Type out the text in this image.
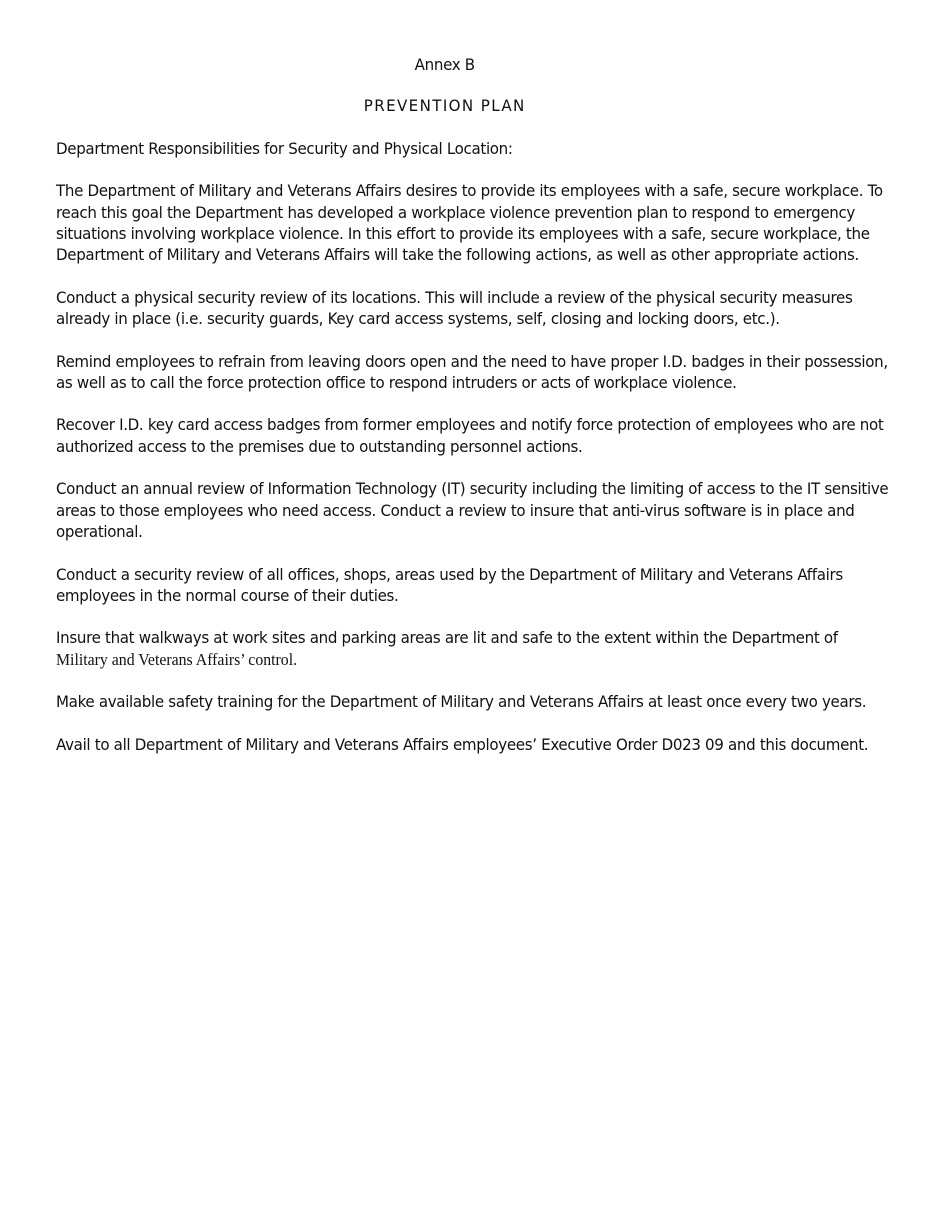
Annex B

PREVENTION PLAN

Department Responsibilities for Security and Physical Location:

The Department of Military and Veterans Affairs desires to provide its employees with a safe, secure workplace. To reach this goal the Department has developed a workplace violence prevention plan to respond to emergency situations involving workplace violence. In this effort to provide its employees with a safe, secure workplace, the Department of Military and Veterans Affairs will take the following actions, as well as other appropriate actions.

Conduct a physical security review of its locations. This will include a review of the physical security measures already in place (i.e. security guards, Key card access systems, self, closing and locking doors, etc.).

Remind employees to refrain from leaving doors open and the need to have proper I.D. badges in their possession, as well as to call the force protection office to respond intruders or acts of workplace violence.

Recover I.D. key card access badges from former employees and notify force protection of employees who are not authorized access to the premises due to outstanding personnel actions.

Conduct an annual review of Information Technology (IT) security including the limiting of access to the IT sensitive areas to those employees who need access. Conduct a review to insure that anti-virus software is in place and operational.

Conduct a security review of all offices, shops, areas used by the Department of Military and Veterans Affairs employees in the normal course of their duties.

Insure that walkways at work sites and parking areas are lit and safe to the extent within the Department of
Military and Veterans Affairs’ control.

Make available safety training for the Department of Military and Veterans Affairs at least once every two years.

Avail to all Department of Military and Veterans Affairs employees’ Executive Order D023 09 and this document.
